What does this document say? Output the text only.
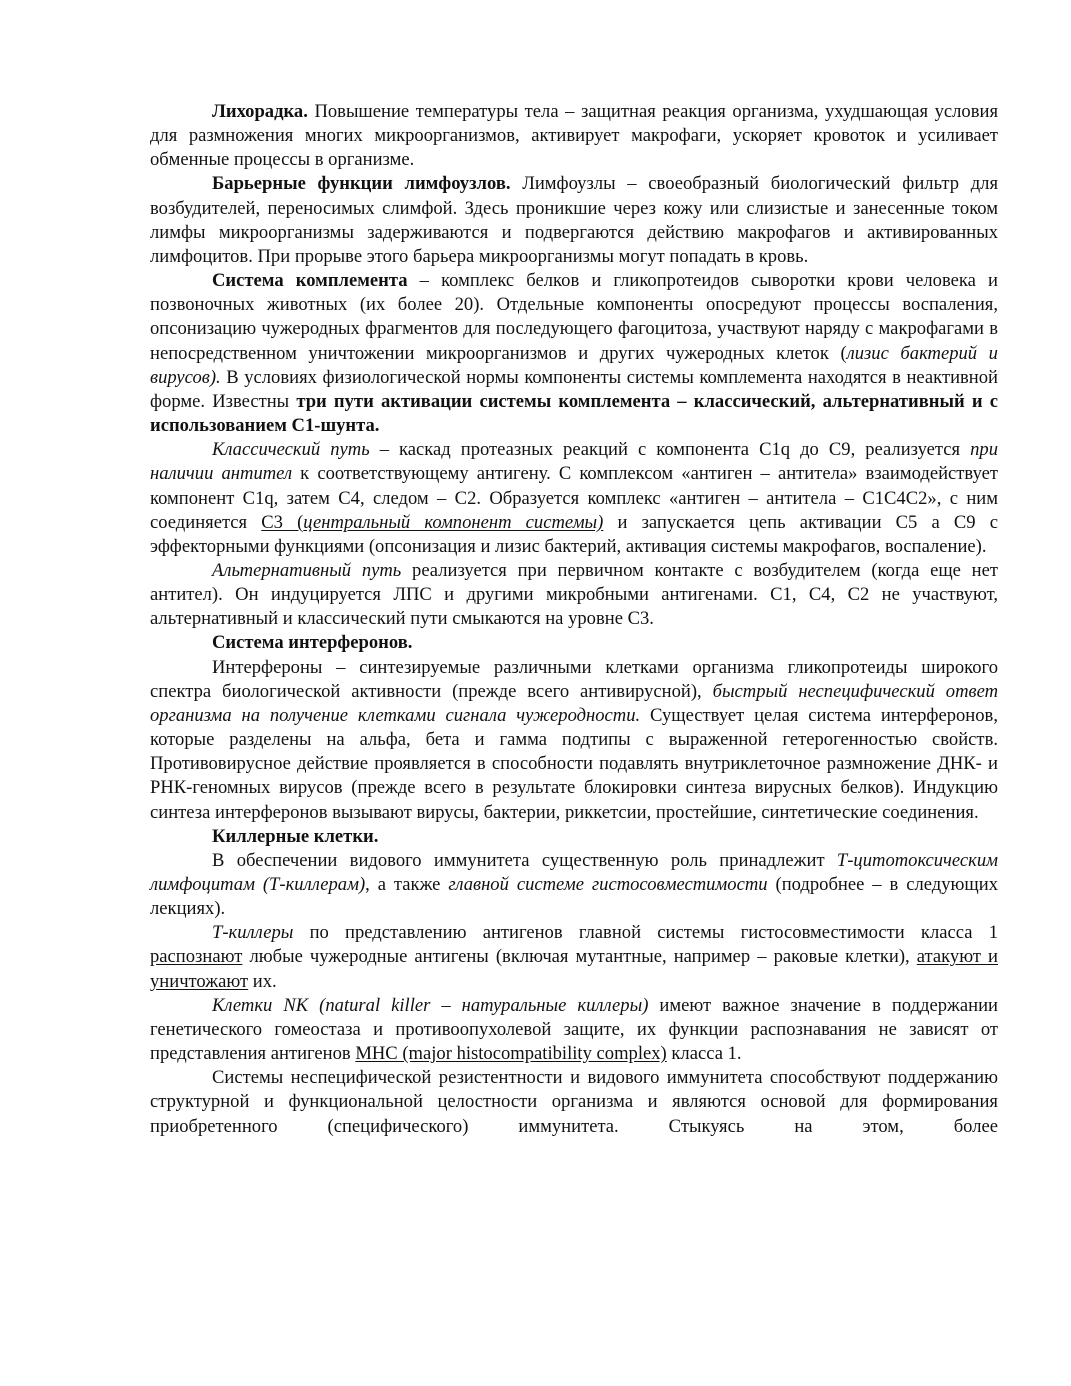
Лихорадка. Повышение температуры тела – защитная реакция организма, ухудшающая условия для размножения многих микроорганизмов, активирует макрофаги, ускоряет кровоток и усиливает обменные процессы в организме.

Барьерные функции лимфоузлов. Лимфоузлы – своеобразный биологический фильтр для возбудителей, переносимых слимфой. Здесь проникшие через кожу или слизистые и занесенные током лимфы микроорганизмы задерживаются и подвергаются действию макрофагов и активированных лимфоцитов. При прорыве этого барьера микроорганизмы могут попадать в кровь.

Система комплемента – комплекс белков и гликопротеидов сыворотки крови человека и позвоночных животных (их более 20). Отдельные компоненты опосредуют процессы воспаления, опсонизацию чужеродных фрагментов для последующего фагоцитоза, участвуют наряду с макрофагами в непосредственном уничтожении микроорганизмов и других чужеродных клеток (лизис бактерий и вирусов). В условиях физиологической нормы компоненты системы комплемента находятся в неактивной форме. Известны три пути активации системы комплемента – классический, альтернативный и с использованием С1-шунта.

Классический путь – каскад протеазных реакций с компонента С1q до С9, реализуется при наличии антител к соответствующему антигену. С комплексом «антиген – антитела» взаимодействует компонент С1q, затем С4, следом – С2. Образуется комплекс «антиген – антитела – С1С4С2», с ним соединяется С3 (центральный компонент системы) и запускается цепь активации С5 а С9 с эффекторными функциями (опсонизация и лизис бактерий, активация системы макрофагов, воспаление).

Альтернативный путь реализуется при первичном контакте с возбудителем (когда еще нет антител). Он индуцируется ЛПС и другими микробными антигенами. С1, С4, С2 не участвуют, альтернативный и классический пути смыкаются на уровне С3.

Система интерферонов.

Интерфероны – синтезируемые различными клетками организма гликопротеиды широкого спектра биологической активности (прежде всего антивирусной), быстрый неспецифический ответ организма на получение клетками сигнала чужеродности. Существует целая система интерферонов, которые разделены на альфа, бета и гамма подтипы с выраженной гетерогенностью свойств. Противовирусное действие проявляется в способности подавлять внутриклеточное размножение ДНК- и РНК-геномных вирусов (прежде всего в результате блокировки синтеза вирусных белков). Индукцию синтеза интерферонов вызывают вирусы, бактерии, риккетсии, простейшие, синтетические соединения.

Киллерные клетки.

В обеспечении видового иммунитета существенную роль принадлежит Т-цитотоксическим лимфоцитам (Т-киллерам), а также главной системе гистосовместимости (подробнее – в следующих лекциях).

Т-киллеры по представлению антигенов главной системы гистосовместимости класса 1 распознают любые чужеродные антигены (включая мутантные, например – раковые клетки), атакуют и уничтожают их.

Клетки NK (natural killer – натуральные киллеры) имеют важное значение в поддержании генетического гомеостаза и противоопухолевой защите, их функции распознавания не зависят от представления антигенов МНС (major histocompatibility complex) класса 1.

Системы неспецифической резистентности и видового иммунитета способствуют поддержанию структурной и функциональной целостности организма и являются основой для формирования приобретенного (специфического) иммунитета. Стыкуясь на этом, более
